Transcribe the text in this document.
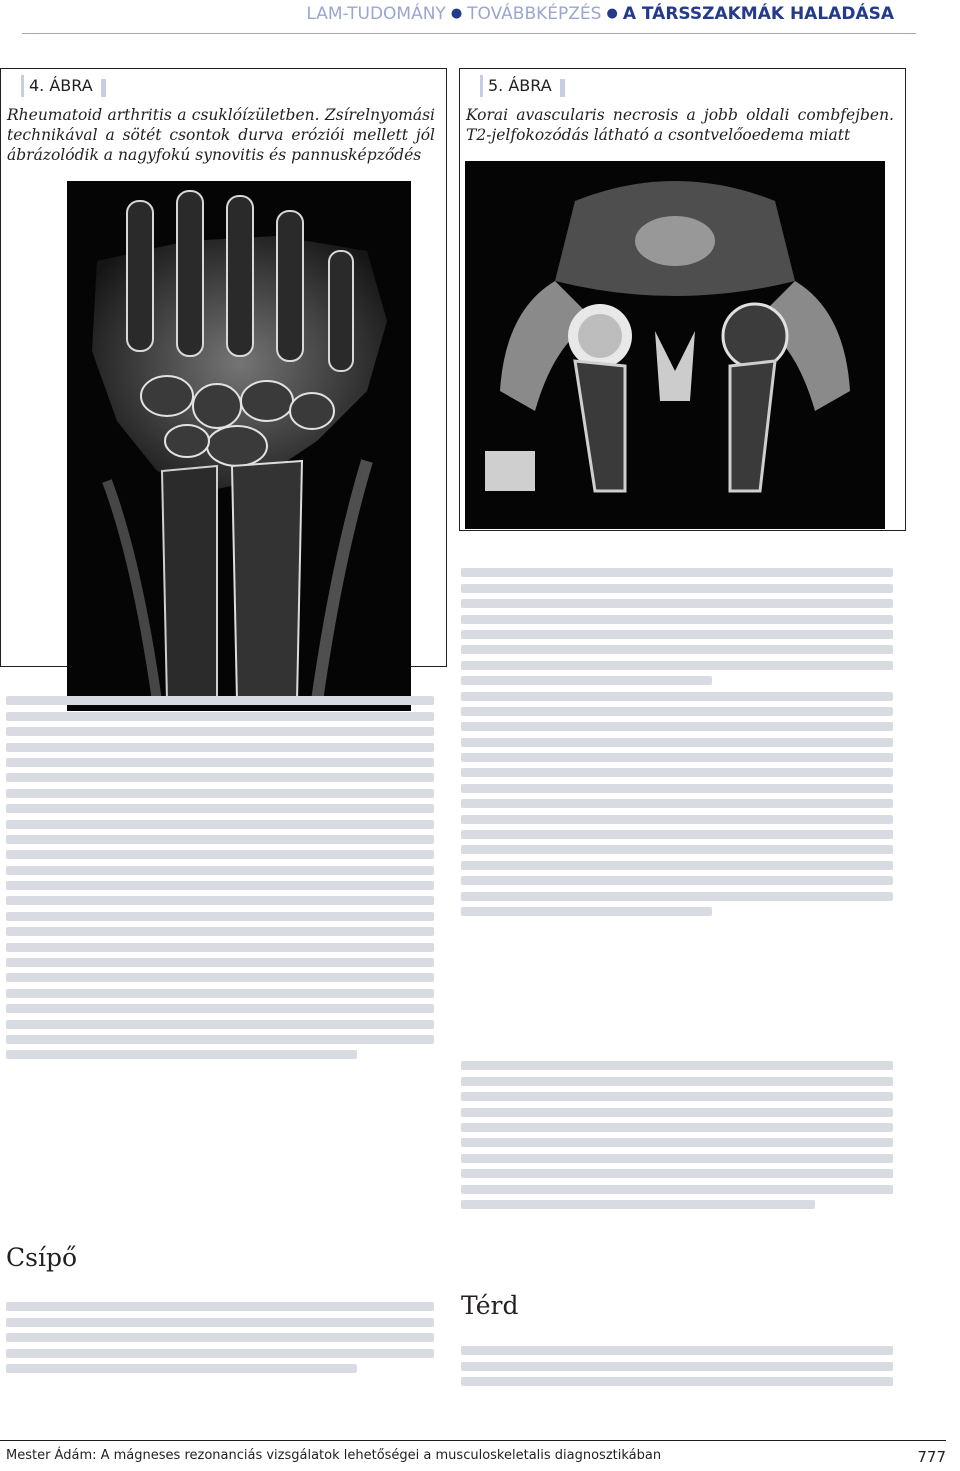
LAM-TUDOMÁNY ● TOVÁBBKÉPZÉS ● A TÁRSSZAKMÁK HALADÁSA
4. ÁBRA
Rheumatoid arthritis a csuklóízületben. Zsírelnyomási technikával a sötét csontok durva eróziói mellett jól ábrázolódik a nagyfokú synovitis és pannusképződés
5. ÁBRA
Korai avascularis necrosis a jobb oldali combfejben. T2-jelfokozódás látható a csontvelőoedema miatt
Csípő
Térd
Mester Ádám: A mágneses rezonanciás vizsgálatok lehetőségei a musculoskeletalis diagnosztikában	777
